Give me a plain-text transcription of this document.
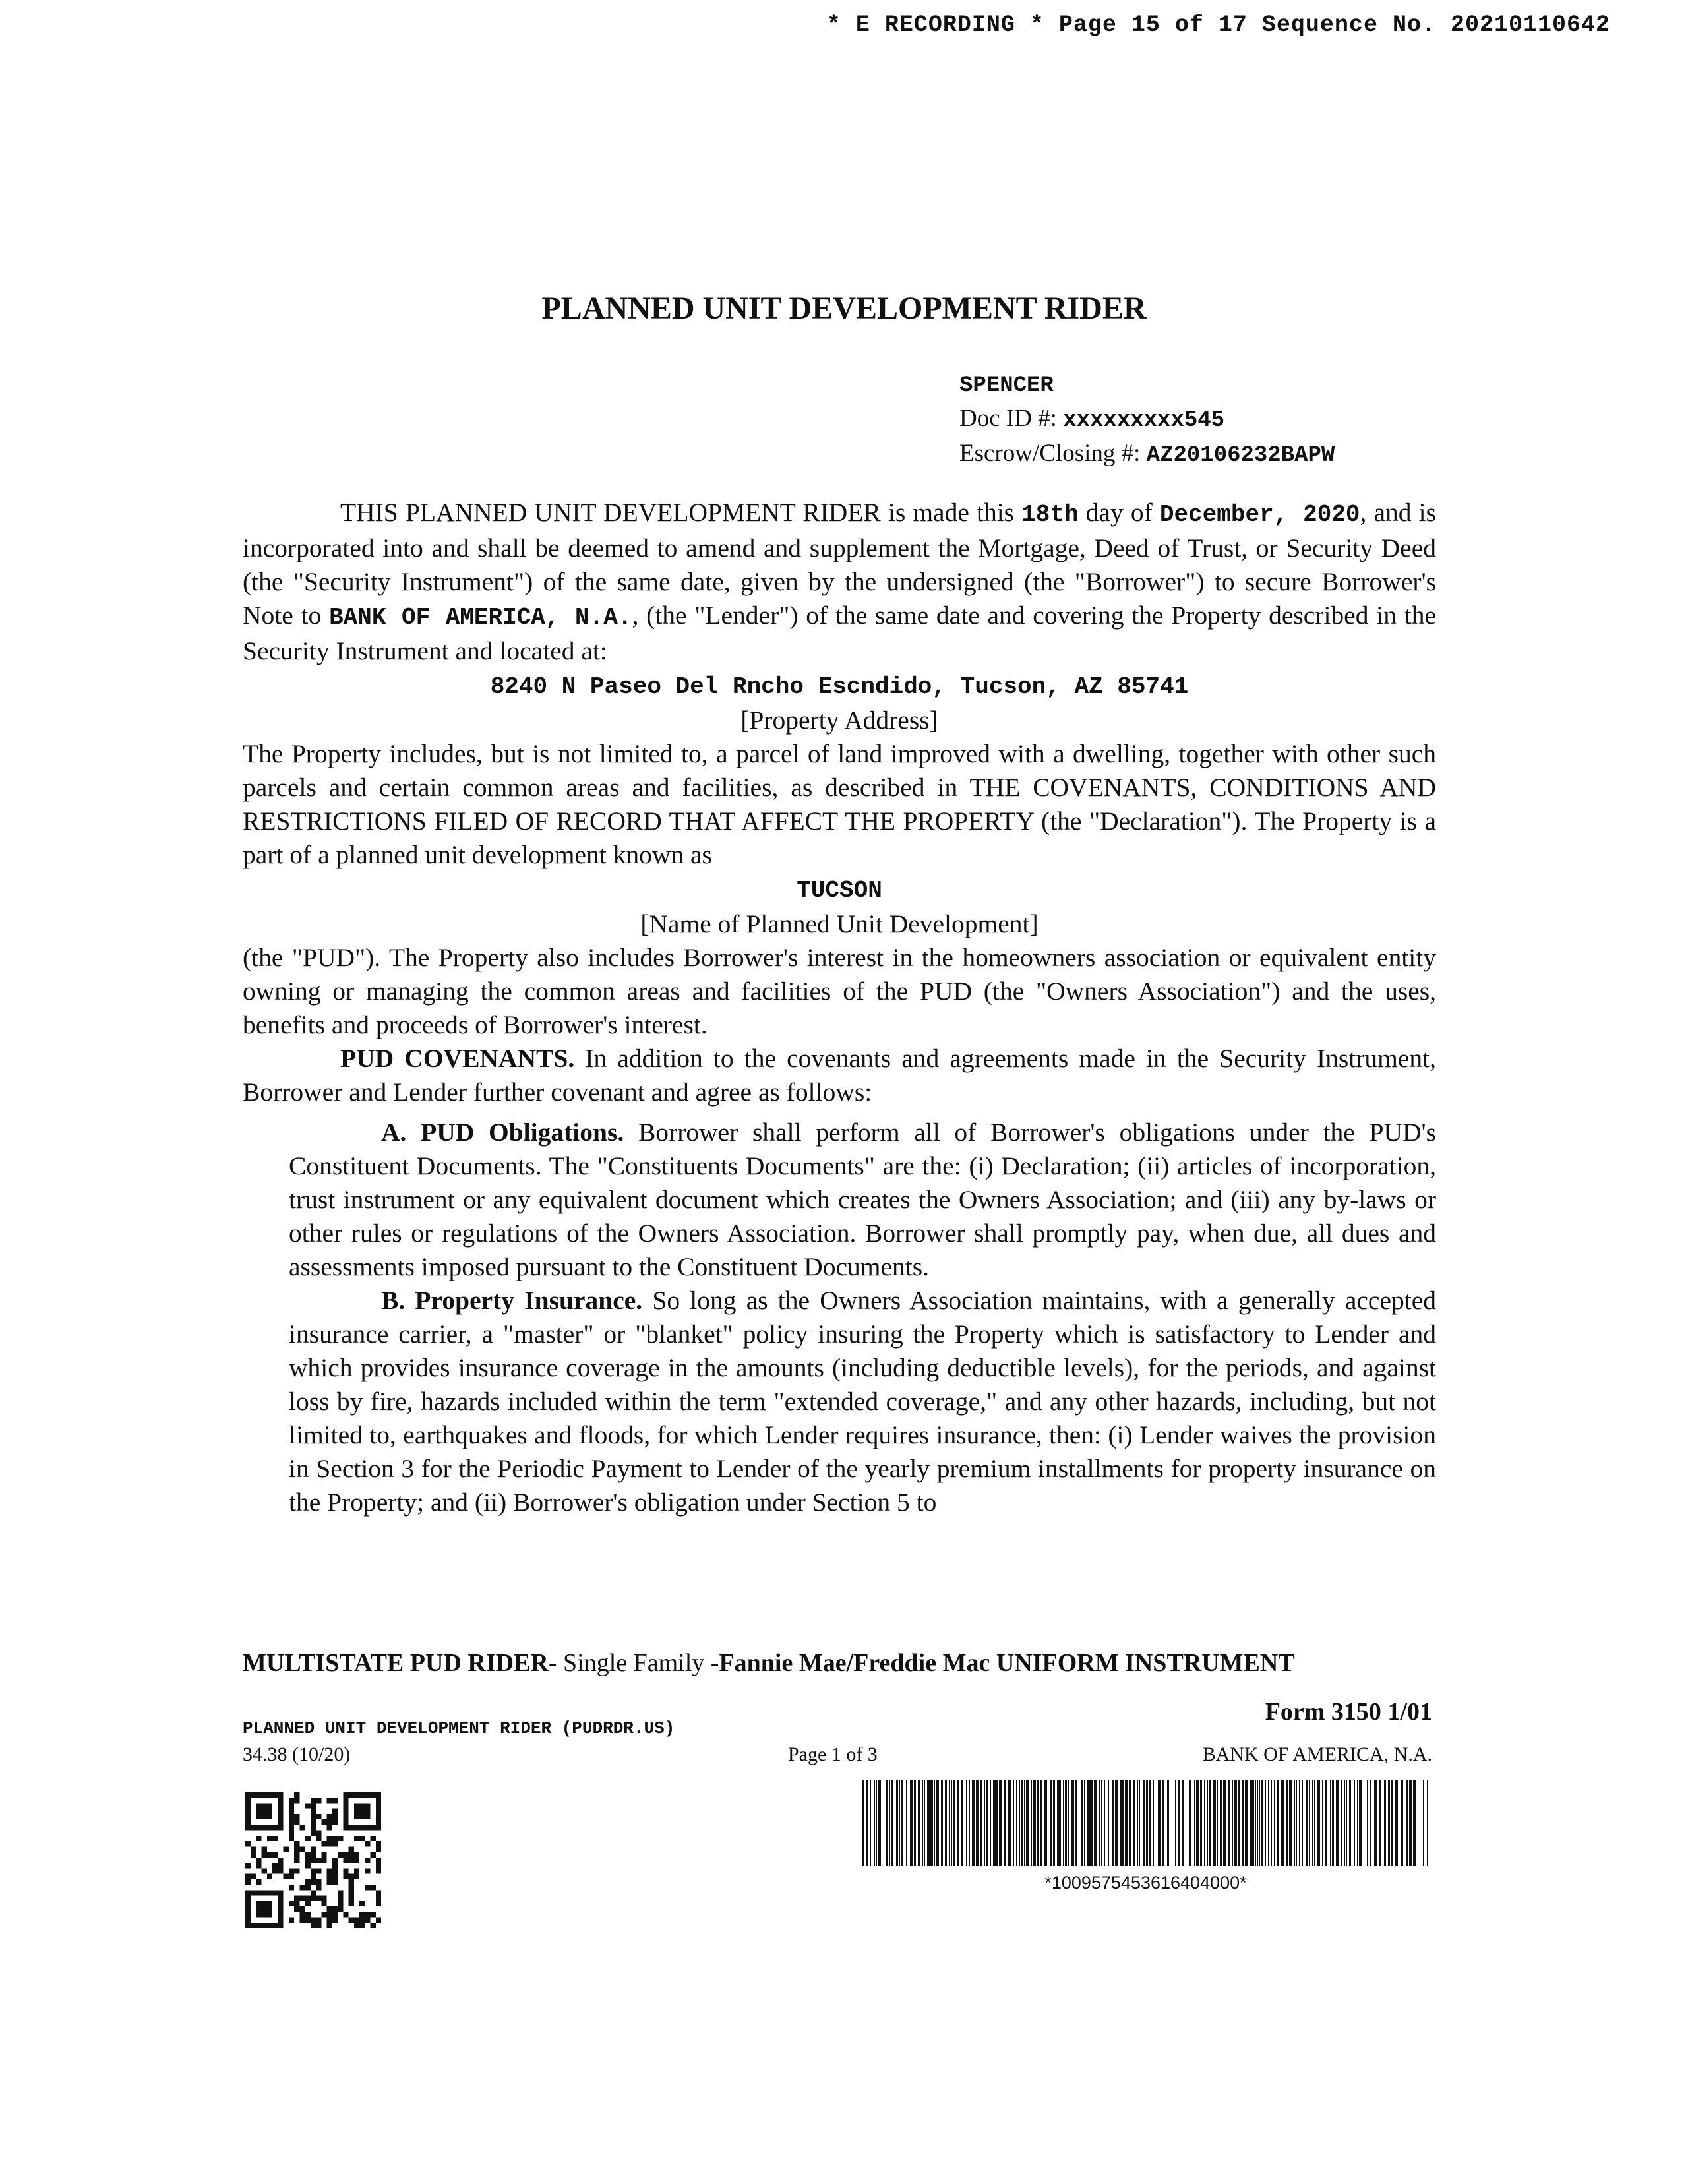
* E RECORDING * Page 15 of 17 Sequence No. 20210110642
PLANNED UNIT DEVELOPMENT RIDER
SPENCER
Doc ID #: xxxxxxxxx545
Escrow/Closing #: AZ20106232BAPW

THIS PLANNED UNIT DEVELOPMENT RIDER is made this 18th day of December, 2020, and is incorporated into and shall be deemed to amend and supplement the Mortgage, Deed of Trust, or Security Deed (the "Security Instrument") of the same date, given by the undersigned (the "Borrower") to secure Borrower's Note to BANK OF AMERICA, N.A., (the "Lender") of the same date and covering the Property described in the Security Instrument and located at:

8240 N Paseo Del Rncho Escndido, Tucson, AZ 85741

[Property Address]

The Property includes, but is not limited to, a parcel of land improved with a dwelling, together with other such parcels and certain common areas and facilities, as described in THE COVENANTS, CONDITIONS AND RESTRICTIONS FILED OF RECORD THAT AFFECT THE PROPERTY (the "Declaration"). The Property is a part of a planned unit development known as

TUCSON

[Name of Planned Unit Development]

(the "PUD"). The Property also includes Borrower's interest in the homeowners association or equivalent entity owning or managing the common areas and facilities of the PUD (the "Owners Association") and the uses, benefits and proceeds of Borrower's interest.

PUD COVENANTS. In addition to the covenants and agreements made in the Security Instrument, Borrower and Lender further covenant and agree as follows:

A. PUD Obligations. Borrower shall perform all of Borrower's obligations under the PUD's Constituent Documents. The "Constituents Documents" are the: (i) Declaration; (ii) articles of incorporation, trust instrument or any equivalent document which creates the Owners Association; and (iii) any by-laws or other rules or regulations of the Owners Association. Borrower shall promptly pay, when due, all dues and assessments imposed pursuant to the Constituent Documents.

B. Property Insurance. So long as the Owners Association maintains, with a generally accepted insurance carrier, a "master" or "blanket" policy insuring the Property which is satisfactory to Lender and which provides insurance coverage in the amounts (including deductible levels), for the periods, and against loss by fire, hazards included within the term "extended coverage," and any other hazards, including, but not limited to, earthquakes and floods, for which Lender requires insurance, then: (i) Lender waives the provision in Section 3 for the Periodic Payment to Lender of the yearly premium installments for property insurance on the Property; and (ii) Borrower's obligation under Section 5 to

MULTISTATE PUD RIDER- Single Family -Fannie Mae/Freddie Mac UNIFORM INSTRUMENT
Form 3150 1/01
PLANNED UNIT DEVELOPMENT RIDER (PUDRDR.US)
34.38 (10/20)	Page 1 of 3	BANK OF AMERICA, N.A.
*1009575453616404000*
